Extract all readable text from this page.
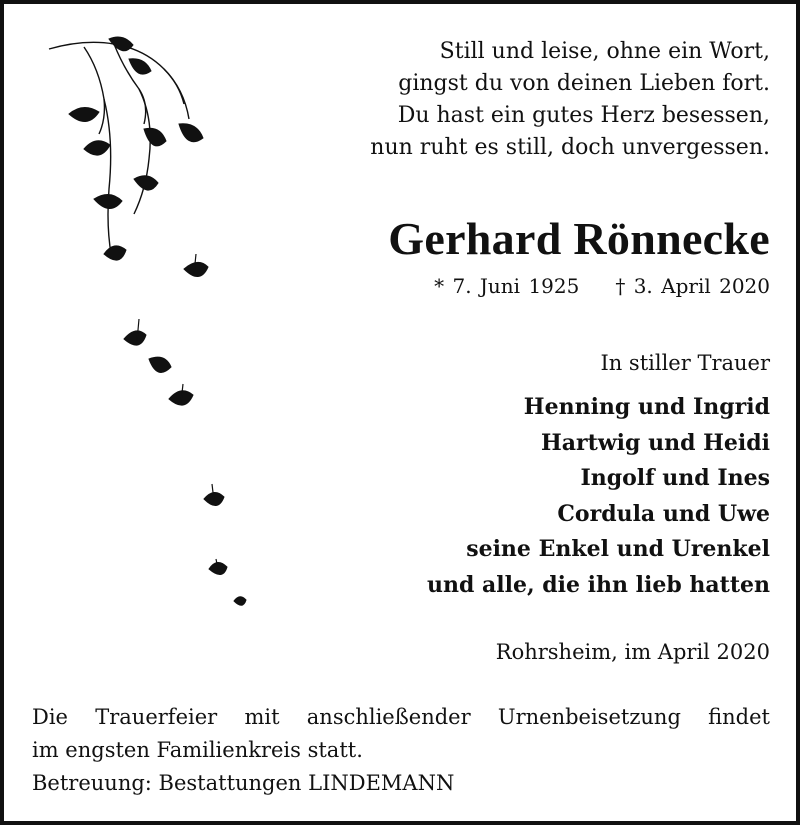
Still und leise, ohne ein Wort,
gingst du von deinen Lieben fort.
Du hast ein gutes Herz besessen,
nun ruht es still, doch unvergessen.
Gerhard Rönnecke
* 7. Juni 1925 † 3. April 2020
In stiller Trauer
Henning und Ingrid
Hartwig und Heidi
Ingolf und Ines
Cordula und Uwe
seine Enkel und Urenkel
und alle, die ihn lieb hatten
Rohrsheim, im April 2020
Die Trauerfeier mit anschließender Urnenbeisetzung findet
im engsten Familienkreis statt.
Betreuung: Bestattungen LINDEMANN
